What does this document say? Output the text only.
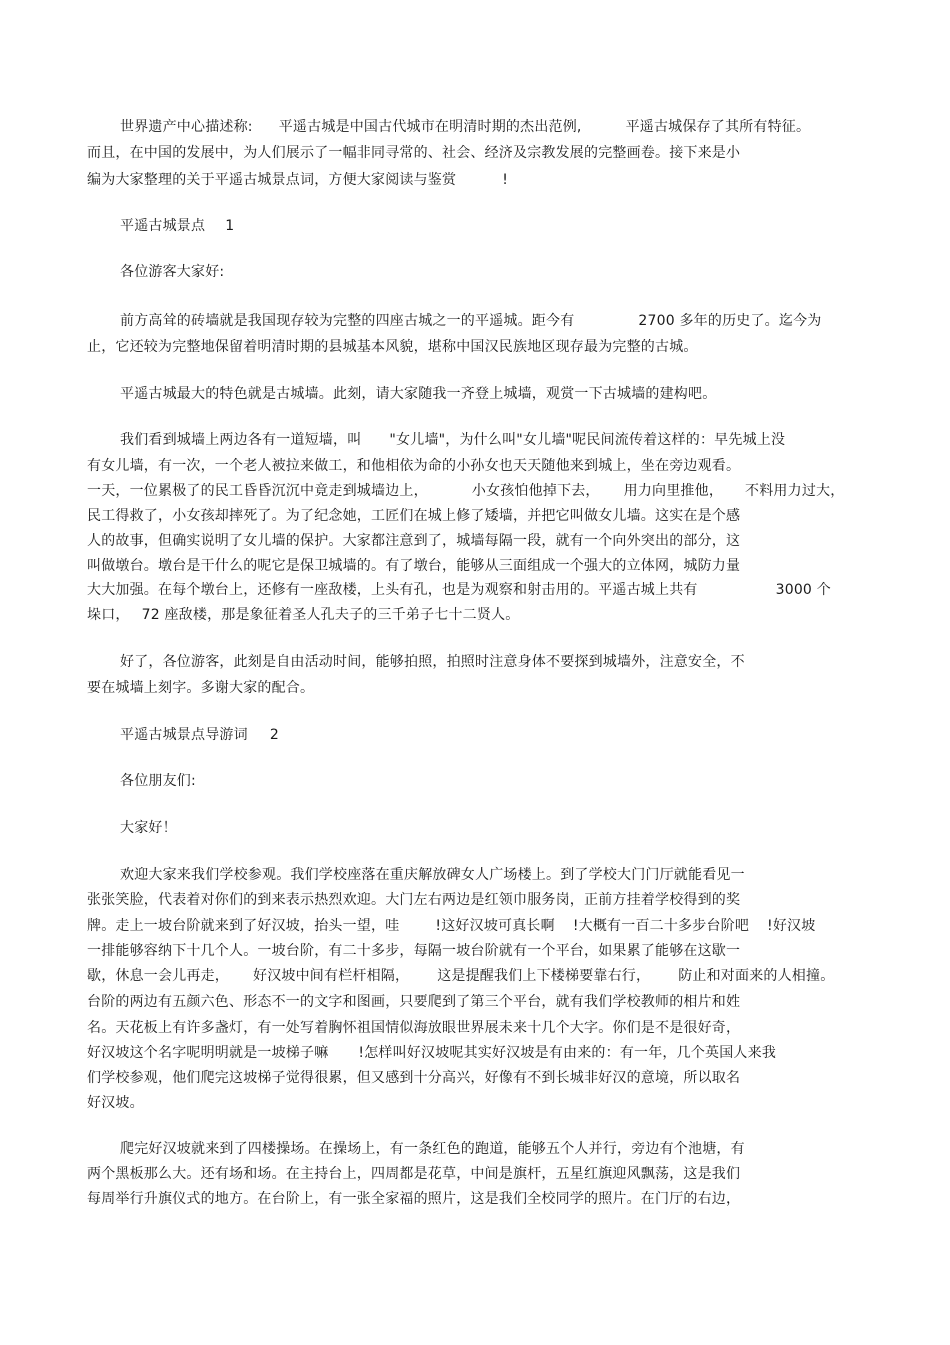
世界遗产中心描述称: 平遥古城是中国古代城市在明清时期的杰出范例,	平遥古城保存了其所有特征。

而且，在中国的发展中，为人们展示了一幅非同寻常的、社会、经济及宗教发展的完整画卷。接下来是小

编为大家整理的关于平遥古城景点词，方便大家阅读与鉴赏	!

平遥古城景点 1

各位游客大家好:

前方高耸的砖墙就是我国现存较为完整的四座古城之一的平遥城。距今有	2700 多年的历史了。迄今为

止，它还较为完整地保留着明清时期的县城基本风貌，堪称中国汉民族地区现存最为完整的古城。

平遥古城最大的特色就是古城墙。此刻，请大家随我一齐登上城墙，观赏一下古城墙的建构吧。

我们看到城墙上两边各有一道短墙，叫 "女儿墙"，为什么叫"女儿墙"呢民间流传着这样的：早先城上没

有女儿墙，有一次，一个老人被拉来做工，和他相依为命的小孙女也天天随他来到城上，坐在旁边观看。

一天，一位累极了的民工昏昏沉沉中竟走到城墙边上，	小女孩怕他掉下去， 用力向里推他， 不料用力过大，

民工得救了，小女孩却摔死了。为了纪念她，工匠们在城上修了矮墙，并把它叫做女儿墙。这实在是个感

人的故事，但确实说明了女儿墙的保护。大家都注意到了，城墙每隔一段，就有一个向外突出的部分，这

叫做墩台。墩台是干什么的呢它是保卫城墙的。有了墩台，能够从三面组成一个强大的立体网，城防力量

大大加强。在每个墩台上，还修有一座敌楼，上头有孔，也是为观察和射击用的。平遥古城上共有	3000 个

垛口， 72 座敌楼，那是象征着圣人孔夫子的三千弟子七十二贤人。

好了，各位游客，此刻是自由活动时间，能够拍照，拍照时注意身体不要探到城墙外，注意安全，不

要在城墙上刻字。多谢大家的配合。

平遥古城景点导游词 2

各位朋友们:

大家好！

欢迎大家来我们学校参观。我们学校座落在重庆解放碑女人广场楼上。到了学校大门门厅就能看见一

张张笑脸，代表着对你们的到来表示热烈欢迎。大门左右两边是红领巾服务岗，正前方挂着学校得到的奖

牌。走上一坡台阶就来到了好汉坡，抬头一望，哇	!这好汉坡可真长啊 !大概有一百二十多步台阶吧 !好汉坡

一排能够容纳下十几个人。一坡台阶，有二十多步，每隔一坡台阶就有一个平台，如果累了能够在这歇一

歇，休息一会儿再走， 好汉坡中间有栏杆相隔， 这是提醒我们上下楼梯要靠右行， 防止和对面来的人相撞。

台阶的两边有五颜六色、形态不一的文字和图画，只要爬到了第三个平台，就有我们学校教师的相片和姓

名。天花板上有许多盏灯，有一处写着胸怀祖国情似海放眼世界展未来十几个大字。你们是不是很好奇，

好汉坡这个名字呢明明就是一坡梯子嘛 !怎样叫好汉坡呢其实好汉坡是有由来的：有一年，几个英国人来我

们学校参观，他们爬完这坡梯子觉得很累，但又感到十分高兴，好像有不到长城非好汉的意境，所以取名

好汉坡。

爬完好汉坡就来到了四楼操场。在操场上，有一条红色的跑道，能够五个人并行，旁边有个池塘，有

两个黑板那么大。还有场和场。在主持台上，四周都是花草，中间是旗杆，五星红旗迎风飘荡，这是我们

每周举行升旗仪式的地方。在台阶上，有一张全家福的照片，这是我们全校同学的照片。在门厅的右边，
